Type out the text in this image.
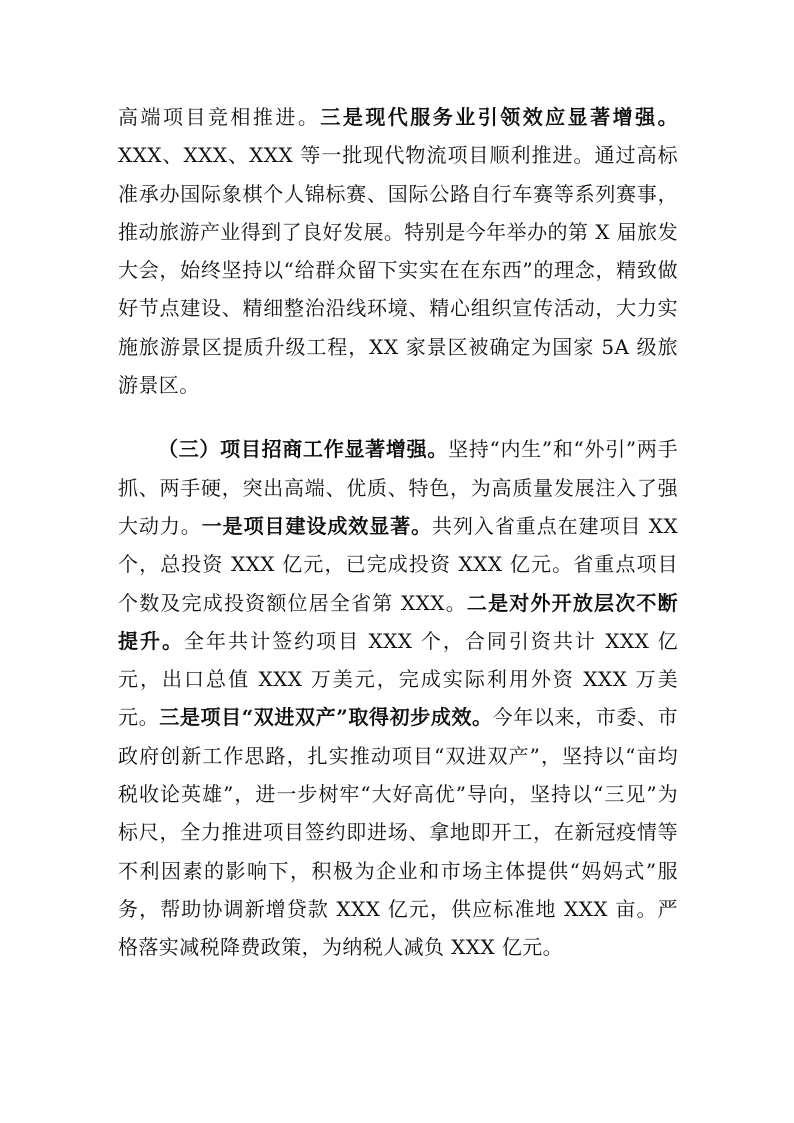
高端项目竞相推进。三是现代服务业引领效应显著增强。XXX、XXX、XXX 等一批现代物流项目顺利推进。通过高标准承办国际象棋个人锦标赛、国际公路自行车赛等系列赛事，推动旅游产业得到了良好发展。特别是今年举办的第 X 届旅发大会，始终坚持以“给群众留下实实在在东西”的理念，精致做好节点建设、精细整治沿线环境、精心组织宣传活动，大力实施旅游景区提质升级工程，XX 家景区被确定为国家 5A 级旅游景区。

（三）项目招商工作显著增强。坚持“内生”和“外引”两手抓、两手硬，突出高端、优质、特色，为高质量发展注入了强大动力。一是项目建设成效显著。共列入省重点在建项目 XX 个，总投资 XXX 亿元，已完成投资 XXX 亿元。省重点项目个数及完成投资额位居全省第 XXX。二是对外开放层次不断提升。全年共计签约项目 XXX 个，合同引资共计 XXX 亿元，出口总值 XXX 万美元，完成实际利用外资 XXX 万美元。三是项目“双进双产”取得初步成效。今年以来，市委、市政府创新工作思路，扎实推动项目“双进双产”，坚持以“亩均税收论英雄”，进一步树牢“大好高优”导向，坚持以“三见”为标尺，全力推进项目签约即进场、拿地即开工，在新冠疫情等不利因素的影响下，积极为企业和市场主体提供“妈妈式”服务，帮助协调新增贷款 XXX 亿元，供应标准地 XXX 亩。严格落实减税降费政策，为纳税人减负 XXX 亿元。
